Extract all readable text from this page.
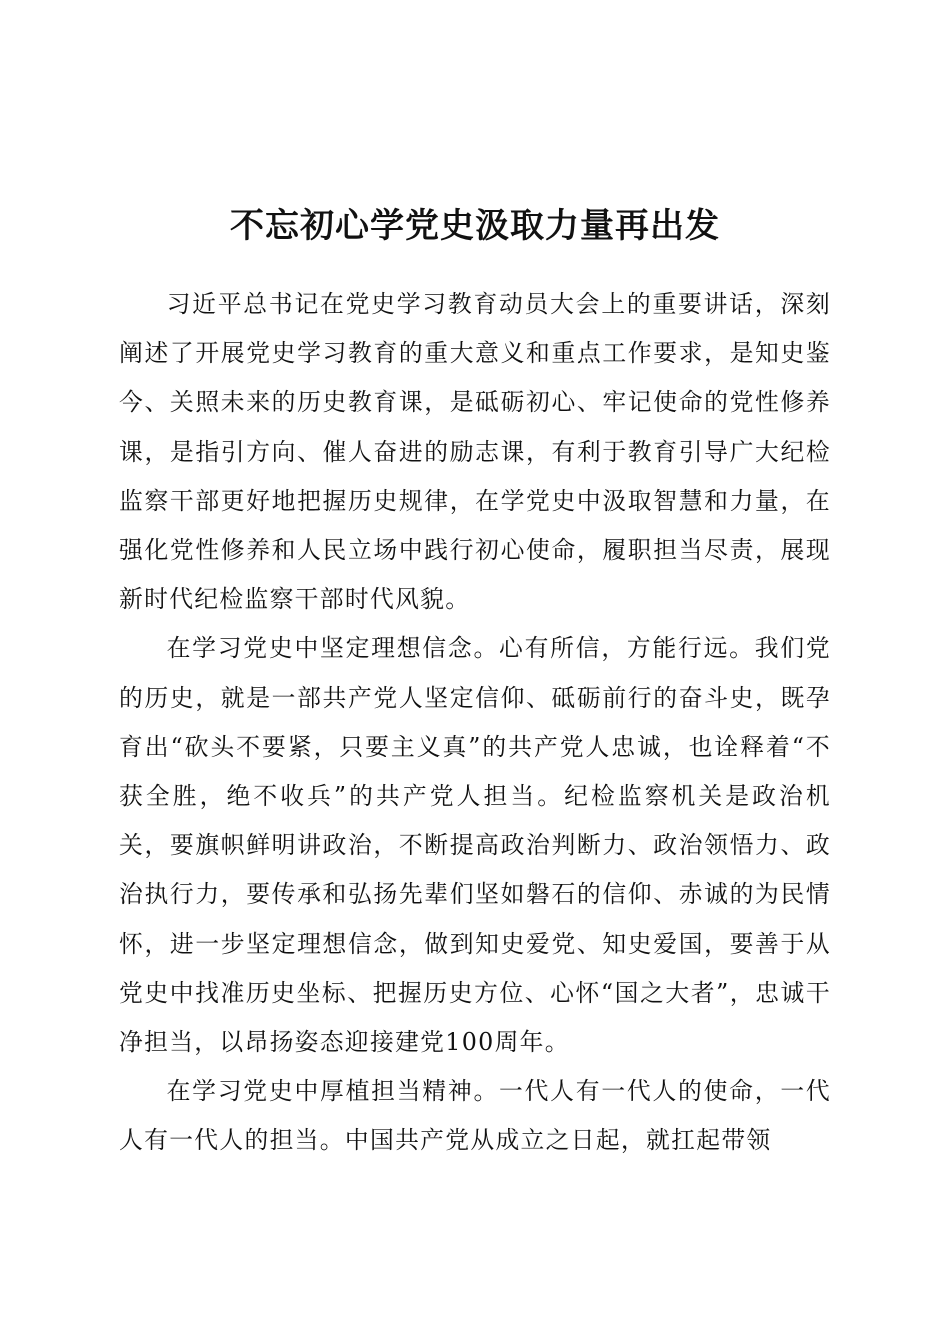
不忘初心学党史汲取力量再出发

习近平总书记在党史学习教育动员大会上的重要讲话，深刻阐述了开展党史学习教育的重大意义和重点工作要求，是知史鉴今、关照未来的历史教育课，是砥砺初心、牢记使命的党性修养课，是指引方向、催人奋进的励志课，有利于教育引导广大纪检监察干部更好地把握历史规律，在学党史中汲取智慧和力量，在强化党性修养和人民立场中践行初心使命，履职担当尽责，展现新时代纪检监察干部时代风貌。

在学习党史中坚定理想信念。心有所信，方能行远。我们党的历史，就是一部共产党人坚定信仰、砥砺前行的奋斗史，既孕育出“砍头不要紧，只要主义真”的共产党人忠诚，也诠释着“不获全胜，绝不收兵”的共产党人担当。纪检监察机关是政治机关，要旗帜鲜明讲政治，不断提高政治判断力、政治领悟力、政治执行力，要传承和弘扬先辈们坚如磐石的信仰、赤诚的为民情怀，进一步坚定理想信念，做到知史爱党、知史爱国，要善于从党史中找准历史坐标、把握历史方位、心怀“国之大者”，忠诚干净担当，以昂扬姿态迎接建党100周年。

在学习党史中厚植担当精神。一代人有一代人的使命，一代人有一代人的担当。中国共产党从成立之日起，就扛起带领
